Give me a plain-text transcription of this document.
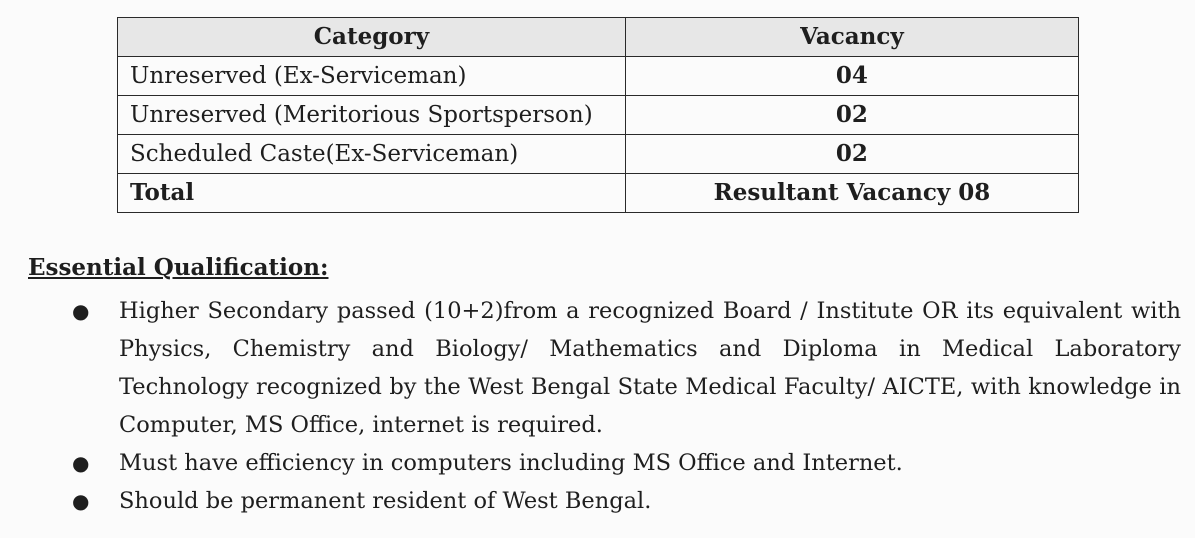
Category	Vacancy
Unreserved (Ex-Serviceman)	04
Unreserved (Meritorious Sportsperson)	02
Scheduled Caste(Ex-Serviceman)	02
Total	Resultant Vacancy 08
Essential Qualification:
● Higher Secondary passed (10+2)from a recognized Board / Institute OR its equivalent with Physics, Chemistry and Biology/ Mathematics and Diploma in Medical Laboratory Technology recognized by the West Bengal State Medical Faculty/ AICTE, with knowledge in Computer, MS Office, internet is required.
● Must have efficiency in computers including MS Office and Internet.
● Should be permanent resident of West Bengal.
